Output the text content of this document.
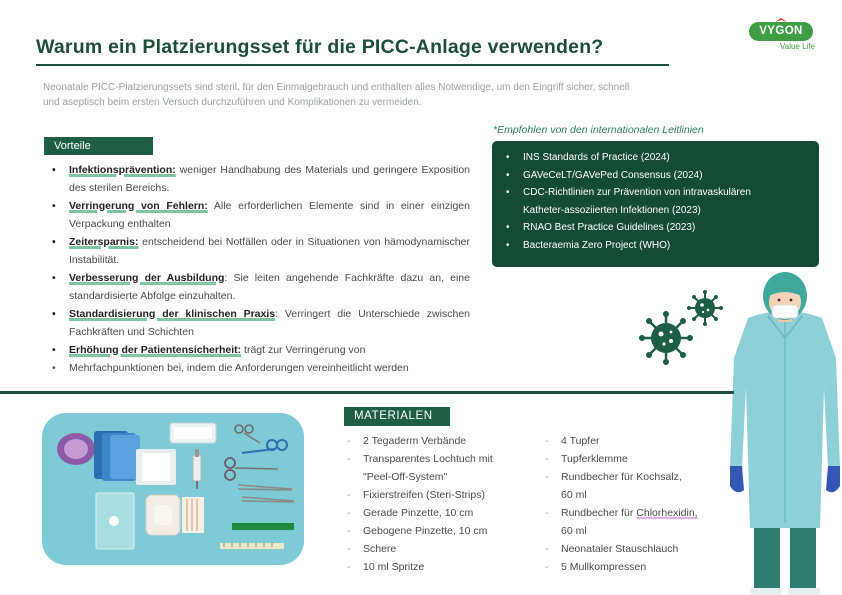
Warum ein Platzierungsset für die PICC-Anlage verwenden?
VYGON
Value Life

Neonatale PICC-Platzierungssets sind steril, für den Einmalgebrauch und enthalten alles Notwendige, um den Eingriff sicher, schnell und aseptisch beim ersten Versuch durchzuführen und Komplikationen zu vermeiden.

Vorteile
• Infektionsprävention: weniger Handhabung des Materials und geringere Exposition des sterilen Bereichs.
• Verringerung von Fehlern: Alle erforderlichen Elemente sind in einer einzigen Verpackung enthalten
• Zeitersparnis: entscheidend bei Notfällen oder in Situationen von hämodynamischer Instabilität.
• Verbesserung der Ausbildung: Sie leiten angehende Fachkräfte dazu an, eine standardisierte Abfolge einzuhalten.
• Standardisierung der klinischen Praxis: Verringert die Unterschiede zwischen Fachkräften und Schichten
• Erhöhung der Patientensicherheit: trägt zur Verringerung von
• Mehrfachpunktionen bei, indem die Anforderungen vereinheitlicht werden
*Empfohlen von den internationalen Leitlinien
• INS Standards of Practice (2024)
• GAVeCeLT/GAVePed Consensus (2024)
• CDC-Richtlinien zur Prävention von intravaskulären
Katheter-assoziierten Infektionen (2023)
• RNAO Best Practice Guidelines (2023)
• Bacteraemia Zero Project (WHO)
MATERIALEN
- 2 Tegaderm Verbände
- Transparentes Lochtuch mit
"Peel-Off-System"
- Fixierstreifen (Steri-Strips)
- Gerade Pinzette, 10 cm
- Gebogene Pinzette, 10 cm
- Schere
- 10 ml Spritze
- 4 Tupfer
- Tupferklemme
- Rundbecher für Kochsalz,
60 ml
- Rundbecher für Chlorhexidin,
60 ml
- Neonataler Stauschlauch
- 5 Mullkompressen
